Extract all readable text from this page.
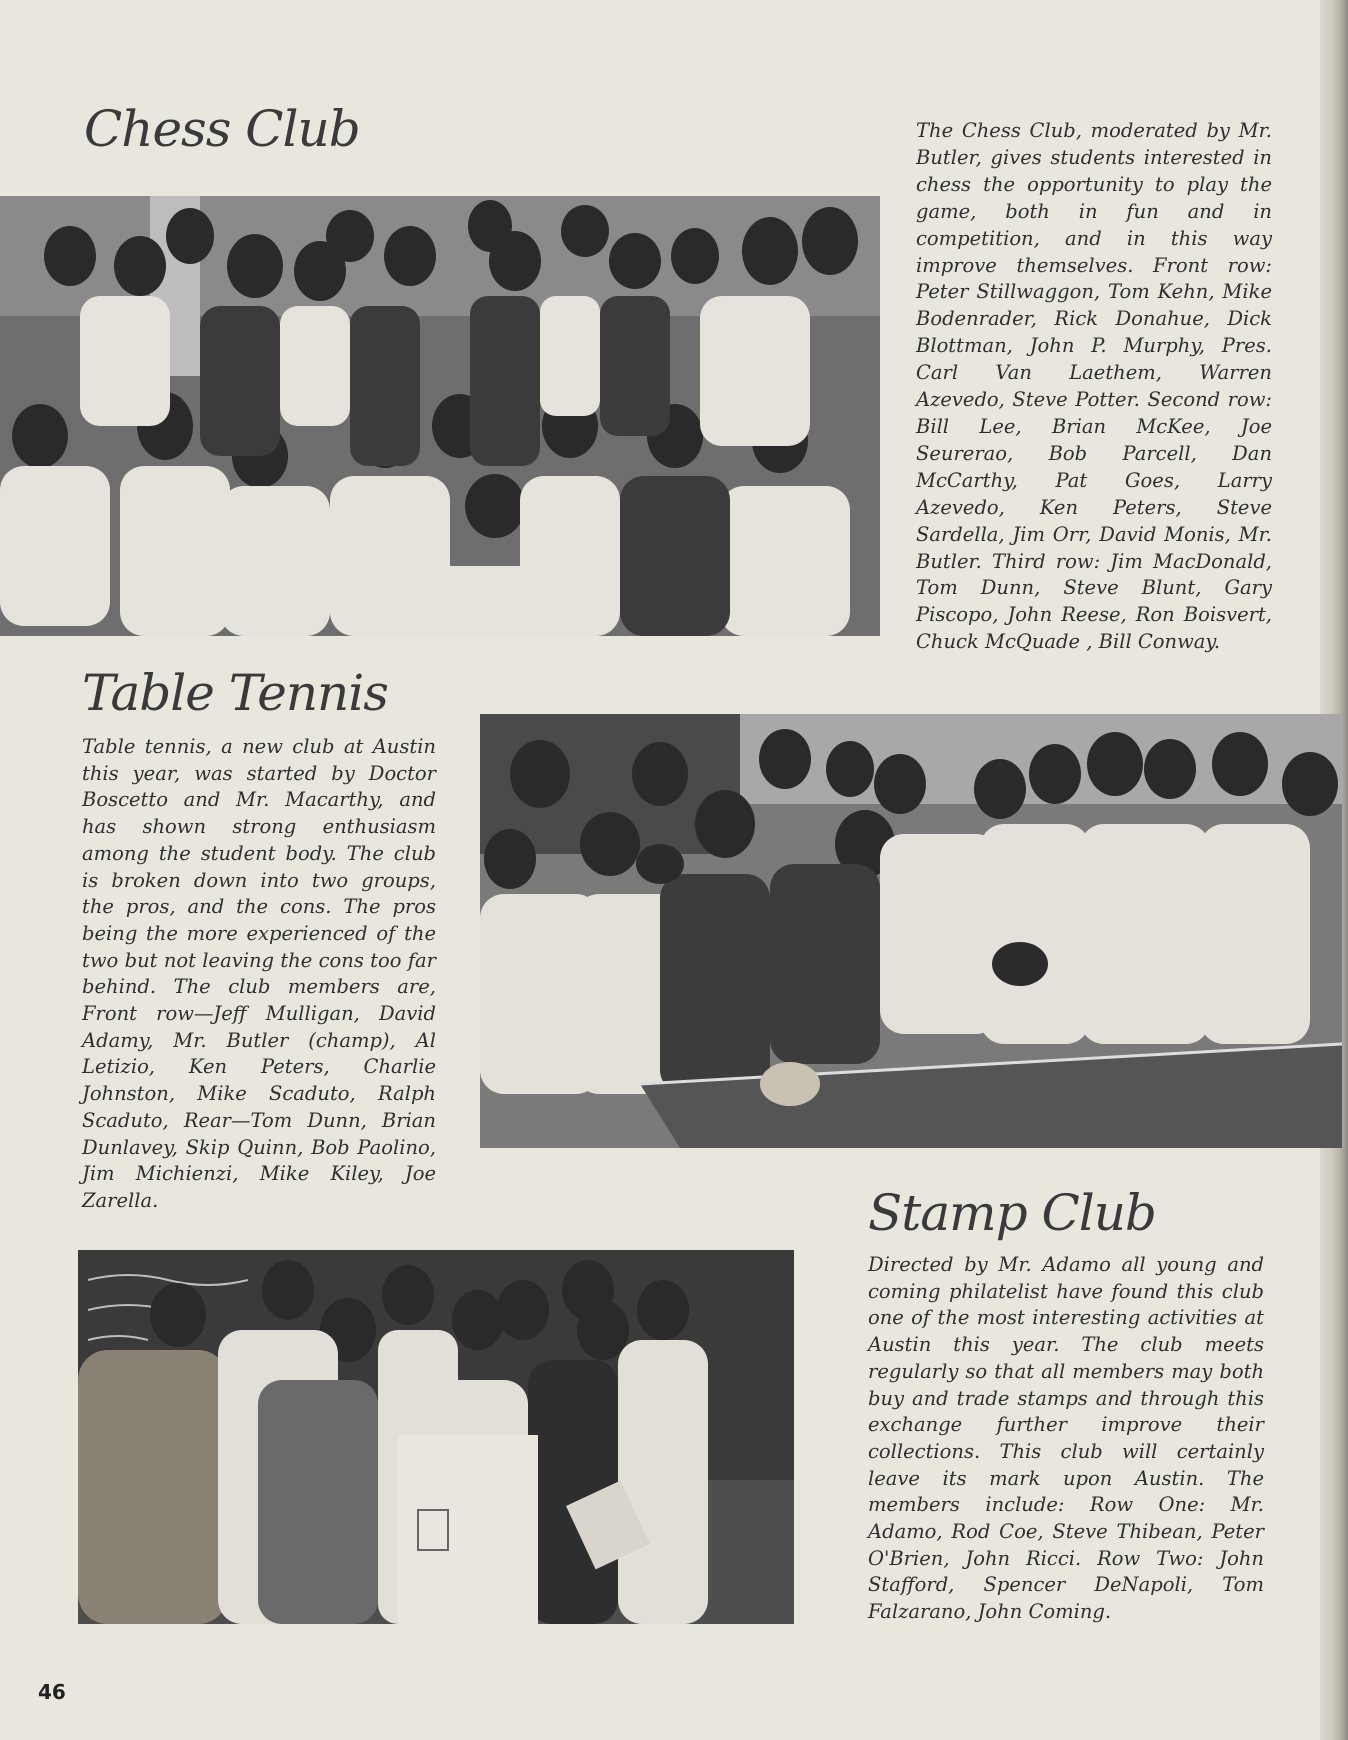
Chess Club	The Chess Club, moderated by Mr. Butler, gives students interested in chess the opportunity to play the game, both in fun and in competition, and in this way improve themselves. Front row: Peter Stillwaggon, Tom Kehn, Mike Bodenrader, Rick Donahue, Dick Blottman, John P. Murphy, Pres. Carl Van Laethem, Warren Azevedo, Steve Potter. Second row: Bill Lee, Brian McKee, Joe Seurerao, Bob Parcell, Dan McCarthy, Pat Goes, Larry Azevedo, Ken Peters, Steve Sardella, Jim Orr, David Monis, Mr. Butler. Third row: Jim MacDonald, Tom Dunn, Steve Blunt, Gary Piscopo, John Reese, Ron Boisvert, Chuck McQuade , Bill Conway.

Table Tennis

Table tennis, a new club at Austin this year, was started by Doctor Boscetto and Mr. Macarthy, and has shown strong enthusiasm among the student body. The club is broken down into two groups, the pros, and the cons. The pros being the more experienced of the two but not leaving the cons too far behind. The club members are, Front row—Jeff Mulligan, David Adamy, Mr. Butler (champ), Al Letizio, Ken Peters, Charlie Johnston, Mike Scaduto, Ralph Scaduto, Rear—Tom Dunn, Brian Dunlavey, Skip Quinn, Bob Paolino, Jim Michienzi, Mike Kiley, Joe Zarella.	Stamp Club

Directed by Mr. Adamo all young and coming philatelist have found this club one of the most interesting activities at Austin this year. The club meets regularly so that all members may both buy and trade stamps and through this exchange further improve their collections. This club will certainly leave its mark upon Austin. The members include: Row One: Mr. Adamo, Rod Coe, Steve Thibean, Peter O'Brien, John Ricci. Row Two: John Stafford, Spencer DeNapoli, Tom Falzarano, John Coming.

46
